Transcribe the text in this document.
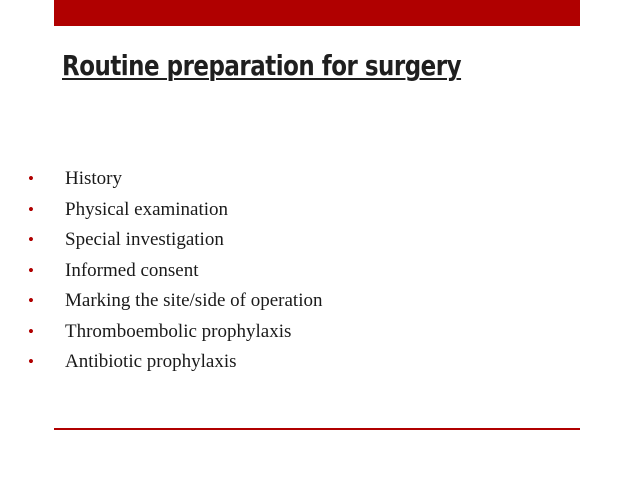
Routine preparation for surgery
•	History
•	Physical examination
•	Special investigation
•	Informed consent
•	Marking the site/side of operation
•	Thromboembolic prophylaxis
•	Antibiotic prophylaxis
